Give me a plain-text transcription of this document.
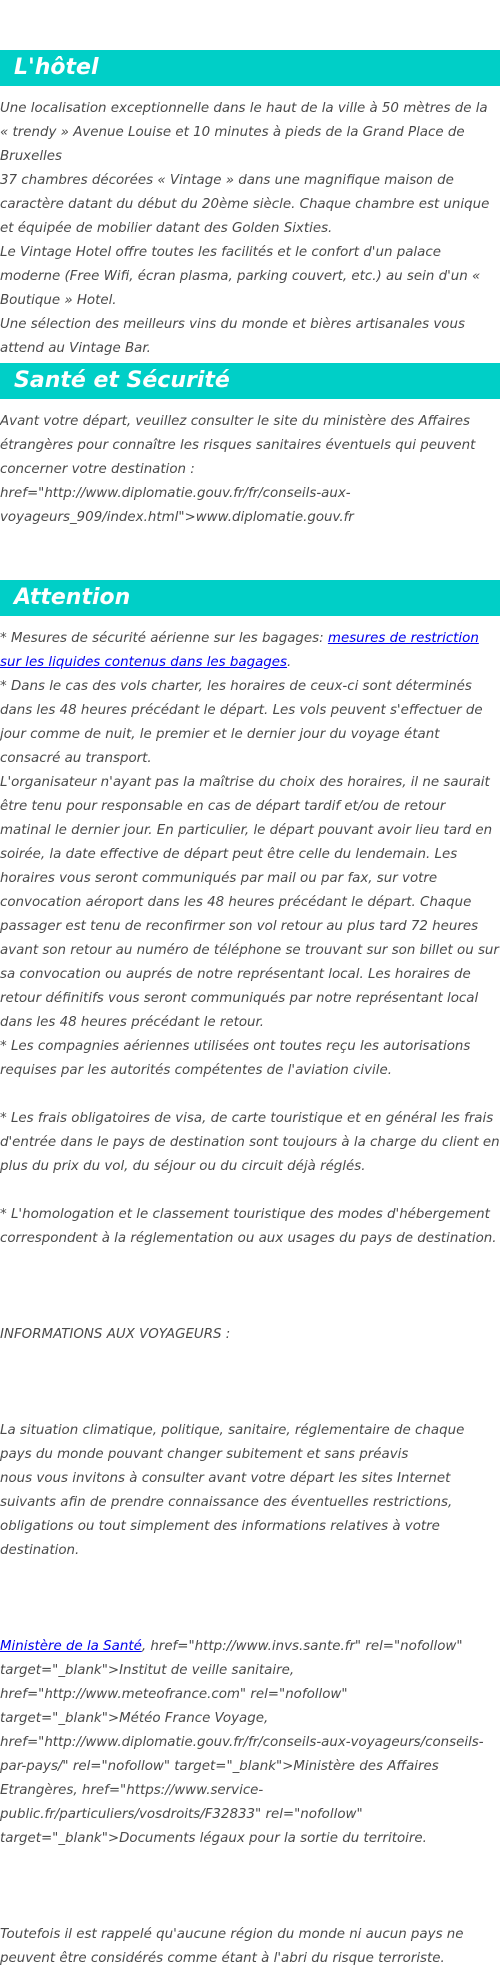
L'hôtel

Une localisation exceptionnelle dans le haut de la ville à 50 mètres de la « trendy » Avenue Louise et 10 minutes à pieds de la Grand Place de Bruxelles

37 chambres décorées « Vintage » dans une magnifique maison de caractère datant du début du 20ème siècle. Chaque chambre est unique et équipée de mobilier datant des Golden Sixties.

Le Vintage Hotel offre toutes les facilités et le confort d'un palace moderne (Free Wifi, écran plasma, parking couvert, etc.) au sein d'un « Boutique » Hotel.

Une sélection des meilleurs vins du monde et bières artisanales vous attend au Vintage Bar.

Santé et Sécurité

Avant votre départ, veuillez consulter le site du ministère des Affaires étrangères pour connaître les risques sanitaires éventuels qui peuvent concerner votre destination : href="http://www.diplomatie.gouv.fr/fr/conseils-aux-voyageurs_909/index.html">www.diplomatie.gouv.fr

Attention

* Mesures de sécurité aérienne sur les bagages: mesures de restriction sur les liquides contenus dans les bagages.

* Dans le cas des vols charter, les horaires de ceux-ci sont déterminés dans les 48 heures précédant le départ. Les vols peuvent s'effectuer de jour comme de nuit, le premier et le dernier jour du voyage étant consacré au transport.

L'organisateur n'ayant pas la maîtrise du choix des horaires, il ne saurait être tenu pour responsable en cas de départ tardif et/ou de retour matinal le dernier jour. En particulier, le départ pouvant avoir lieu tard en soirée, la date effective de départ peut être celle du lendemain. Les horaires vous seront communiqués par mail ou par fax, sur votre convocation aéroport dans les 48 heures précédant le départ. Chaque passager est tenu de reconfirmer son vol retour au plus tard 72 heures avant son retour au numéro de téléphone se trouvant sur son billet ou sur sa convocation ou auprés de notre représentant local. Les horaires de retour définitifs vous seront communiqués par notre représentant local dans les 48 heures précédant le retour.

* Les compagnies aériennes utilisées ont toutes reçu les autorisations requises par les autorités compétentes de l'aviation civile.

* Les frais obligatoires de visa, de carte touristique et en général les frais d'entrée dans le pays de destination sont toujours à la charge du client en plus du prix du vol, du séjour ou du circuit déjà réglés.

* L'homologation et le classement touristique des modes d'hébergement correspondent à la réglementation ou aux usages du pays de destination.

INFORMATIONS AUX VOYAGEURS :

La situation climatique, politique, sanitaire, réglementaire de chaque pays du monde pouvant changer subitement et sans préavis

nous vous invitons à consulter avant votre départ les sites Internet suivants afin de prendre connaissance des éventuelles restrictions, obligations ou tout simplement des informations relatives à votre destination.

Ministère de la Santé, href="http://www.invs.sante.fr" rel="nofollow" target="_blank">Institut de veille sanitaire, href="http://www.meteofrance.com" rel="nofollow" target="_blank">Météo France Voyage, href="http://www.diplomatie.gouv.fr/fr/conseils-aux-voyageurs/conseils-par-pays/" rel="nofollow" target="_blank">Ministère des Affaires Etrangères, href="https://www.service-public.fr/particuliers/vosdroits/F32833" rel="nofollow" target="_blank">Documents légaux pour la sortie du territoire.

Toutefois il est rappelé qu'aucune région du monde ni aucun pays ne peuvent être considérés comme étant à l'abri du risque terroriste.
